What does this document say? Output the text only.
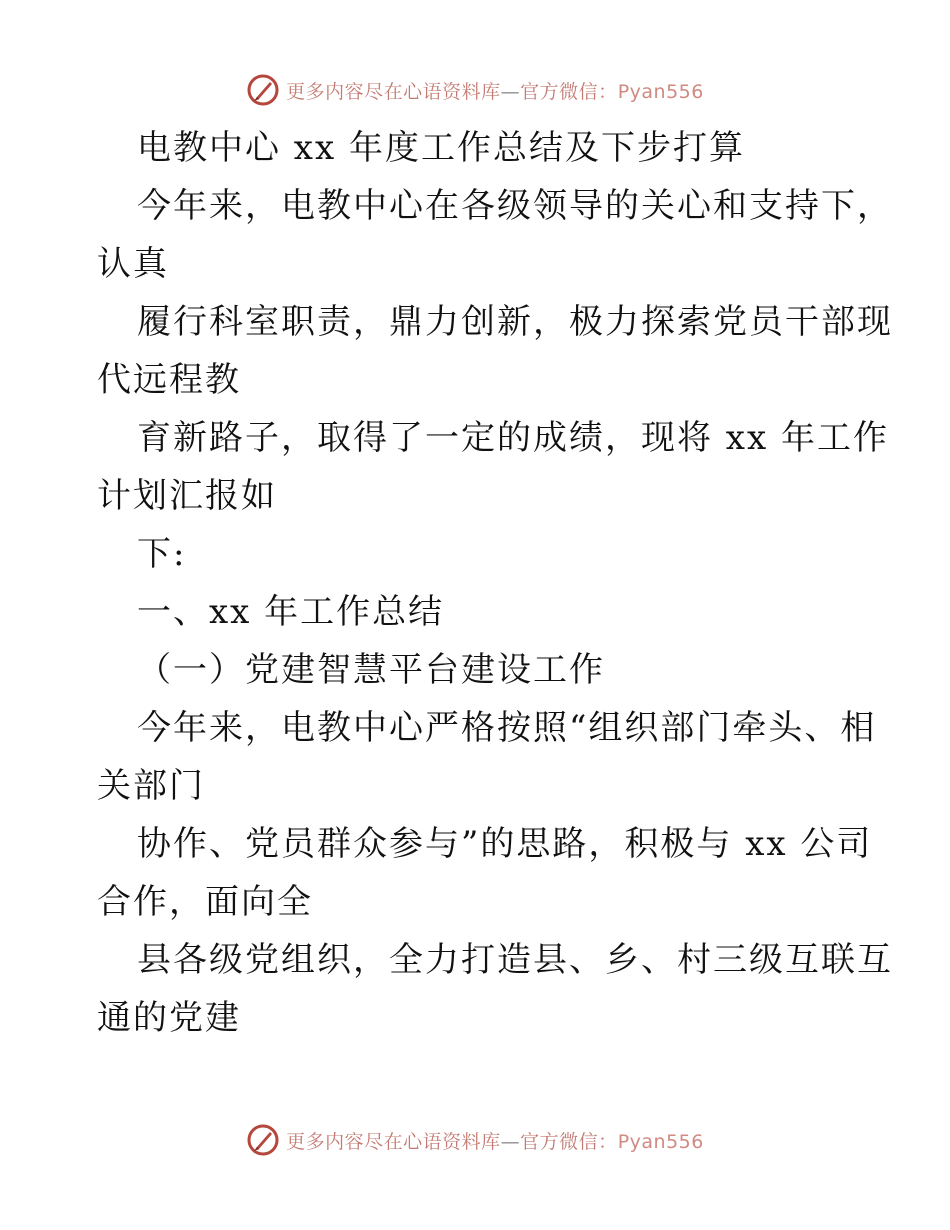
更多内容尽在心语资料库—官方微信：Pyan556
电教中心 xx 年度工作总结及下步打算
今年来，电教中心在各级领导的关心和支持下，
认真
履行科室职责，鼎力创新，极力探索党员干部现
代远程教
育新路子，取得了一定的成绩，现将 xx 年工作
计划汇报如
下:
一、xx 年工作总结
（一）党建智慧平台建设工作
今年来，电教中心严格按照“组织部门牵头、相
关部门
协作、党员群众参与”的思路，积极与 xx 公司
合作，面向全
县各级党组织，全力打造县、乡、村三级互联互
通的党建
更多内容尽在心语资料库—官方微信：Pyan556
